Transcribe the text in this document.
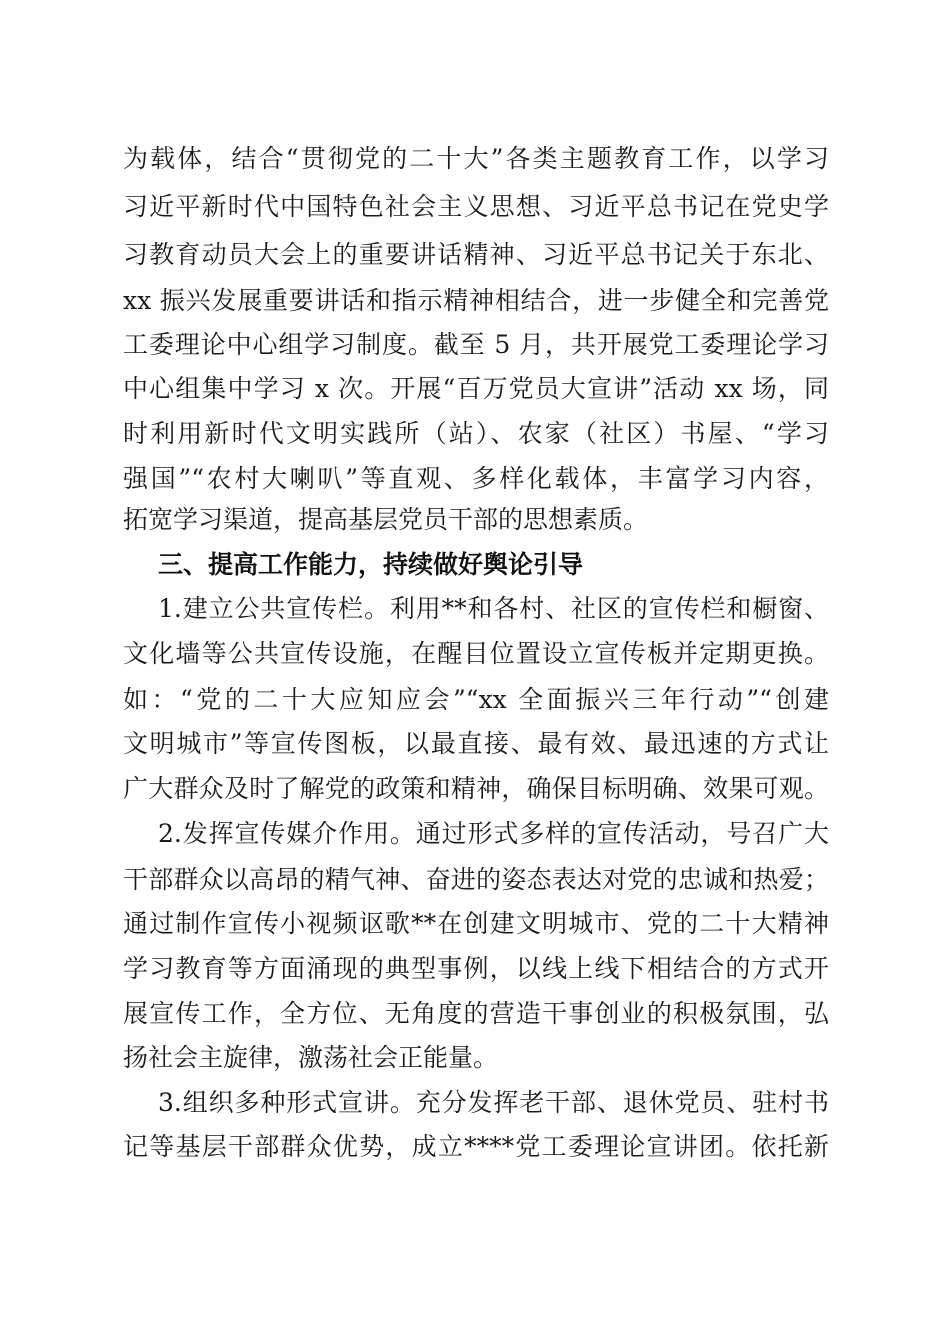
为载体，结合“贯彻党的二十大”各类主题教育工作，以学习
习近平新时代中国特色社会主义思想、习近平总书记在党史学
习教育动员大会上的重要讲话精神、习近平总书记关于东北、
xx 振兴发展重要讲话和指示精神相结合，进一步健全和完善党
工委理论中心组学习制度。截至 5 月，共开展党工委理论学习
中心组集中学习 x 次。开展“百万党员大宣讲”活动 xx 场，同
时利用新时代文明实践所（站）、农家（社区）书屋、“学习
强国”“农村大喇叭”等直观、多样化载体，丰富学习内容，
拓宽学习渠道，提高基层党员干部的思想素质。
三、提高工作能力，持续做好舆论引导
1.建立公共宣传栏。利用**和各村、社区的宣传栏和橱窗、
文化墙等公共宣传设施，在醒目位置设立宣传板并定期更换。
如：“党的二十大应知应会”“xx 全面振兴三年行动”“创建
文明城市”等宣传图板，以最直接、最有效、最迅速的方式让
广大群众及时了解党的政策和精神，确保目标明确、效果可观。
2.发挥宣传媒介作用。通过形式多样的宣传活动，号召广大
干部群众以高昂的精气神、奋进的姿态表达对党的忠诚和热爱；
通过制作宣传小视频讴歌**在创建文明城市、党的二十大精神
学习教育等方面涌现的典型事例，以线上线下相结合的方式开
展宣传工作，全方位、无角度的营造干事创业的积极氛围，弘
扬社会主旋律，激荡社会正能量。
3.组织多种形式宣讲。充分发挥老干部、退休党员、驻村书
记等基层干部群众优势，成立****党工委理论宣讲团。依托新
